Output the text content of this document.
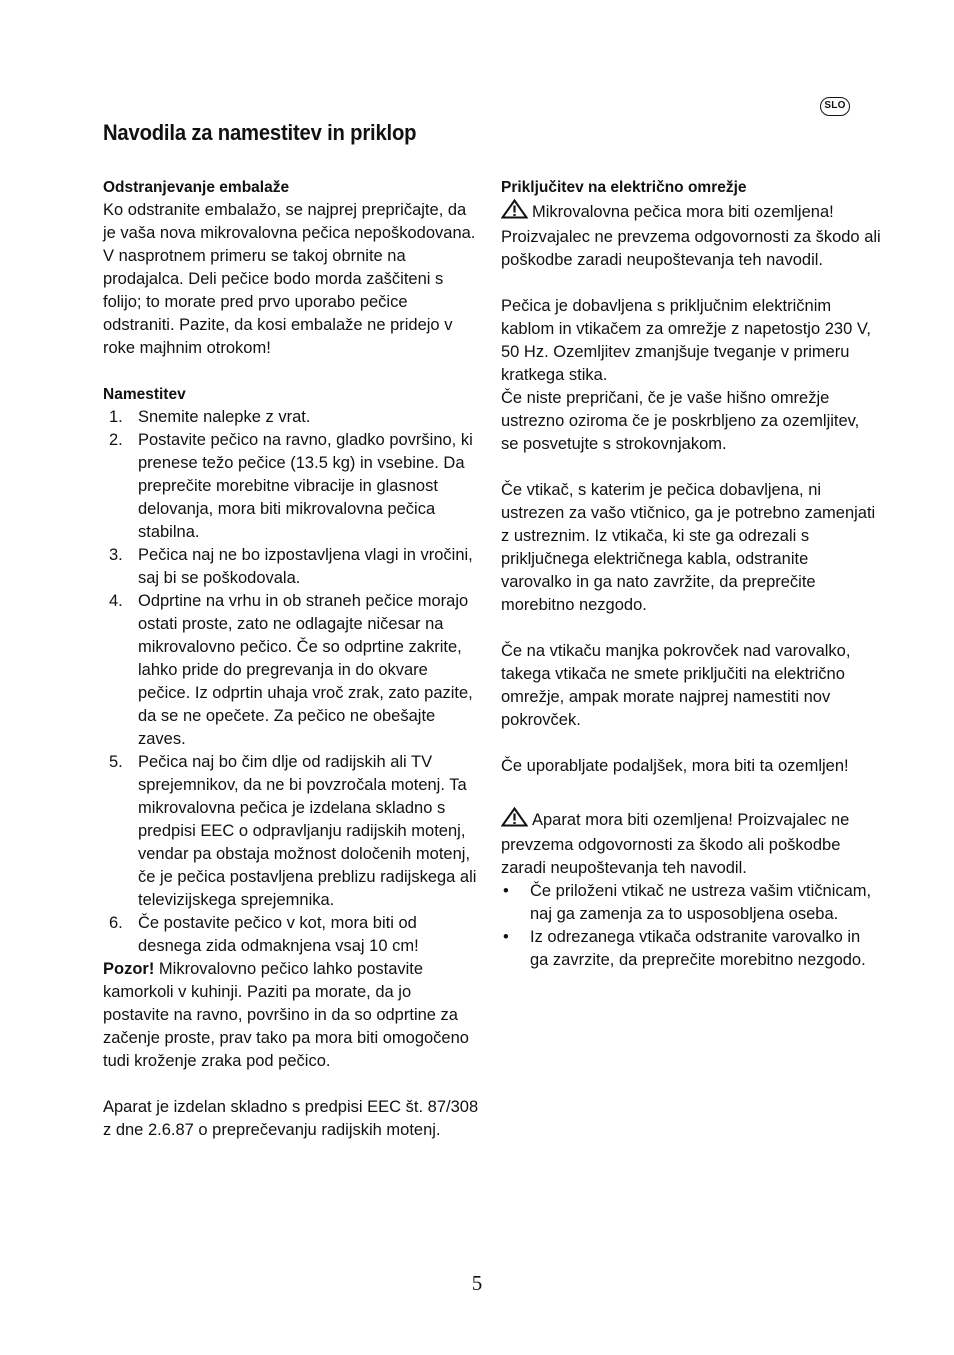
SLO
Navodila za namestitev in priklop

Odstranjevanje embalaže

Ko odstranite embalažo, se najprej prepričajte, da je vaša nova mikrovalovna pečica nepoškodovana. V nasprotnem primeru se takoj obrnite na prodajalca. Deli pečice bodo morda zaščiteni s folijo; to morate pred prvo uporabo pečice odstraniti. Pazite, da kosi embalaže ne pridejo v roke majhnim otrokom!

Namestitev

1. Snemite nalepke z vrat.
2. Postavite pečico na ravno, gladko površino, ki prenese težo pečice (13.5 kg) in vsebine. Da preprečite morebitne vibracije in glasnost delovanja, mora biti mikrovalovna pečica stabilna.
3. Pečica naj ne bo izpostavljena vlagi in vročini, saj bi se poškodovala.
4. Odprtine na vrhu in ob straneh pečice morajo ostati proste, zato ne odlagajte ničesar na mikrovalovno pečico. Če so odprtine zakrite, lahko pride do pregrevanja in do okvare pečice. Iz odprtin uhaja vroč zrak, zato pazite, da se ne opečete. Za pečico ne obešajte zaves.
5. Pečica naj bo čim dlje od radijskih ali TV sprejemnikov, da ne bi povzročala motenj. Ta mikrovalovna pečica je izdelana skladno s predpisi EEC o odpravljanju radijskih motenj, vendar pa obstaja možnost določenih motenj, če je pečica postavljena preblizu radijskega ali televizijskega sprejemnika.
6. Če postavite pečico v kot, mora biti od desnega zida odmaknjena vsaj 10 cm!

Pozor! Mikrovalovno pečico lahko postavite kamorkoli v kuhinji. Paziti pa morate, da jo postavite na ravno, površino in da so odprtine za začenje proste, prav tako pa mora biti omogočeno tudi kroženje zraka pod pečico.

Aparat je izdelan skladno s predpisi EEC št. 87/308 z dne 2.6.87 o preprečevanju radijskih motenj.

Priključitev na električno omrežje

Mikrovalovna pečica mora biti ozemljena! Proizvajalec ne prevzema odgovornosti za škodo ali poškodbe zaradi neupoštevanja teh navodil.

Pečica je dobavljena s priključnim električnim kablom in vtikačem za omrežje z napetostjo 230 V, 50 Hz. Ozemljitev zmanjšuje tveganje v primeru kratkega stika.

Če niste prepričani, če je vaše hišno omrežje ustrezno oziroma če je poskrbljeno za ozemljitev, se posvetujte s strokovnjakom.

Če vtikač, s katerim je pečica dobavljena, ni ustrezen za vašo vtičnico, ga je potrebno zamenjati z ustreznim. Iz vtikača, ki ste ga odrezali s priključnega električnega kabla, odstranite varovalko in ga nato zavržite, da preprečite morebitno nezgodo.

Če na vtikaču manjka pokrovček nad varovalko, takega vtikača ne smete priključiti na električno omrežje, ampak morate najprej namestiti nov pokrovček.

Če uporabljate podaljšek, mora biti ta ozemljen!

Aparat mora biti ozemljena! Proizvajalec ne prevzema odgovornosti za škodo ali poškodbe zaradi neupoštevanja teh navodil.

• Če priloženi vtikač ne ustreza vašim vtičnicam, naj ga zamenja za to usposobljena oseba.
• Iz odrezanega vtikača odstranite varovalko in ga zavrzite, da preprečite morebitno nezgodo.
5
